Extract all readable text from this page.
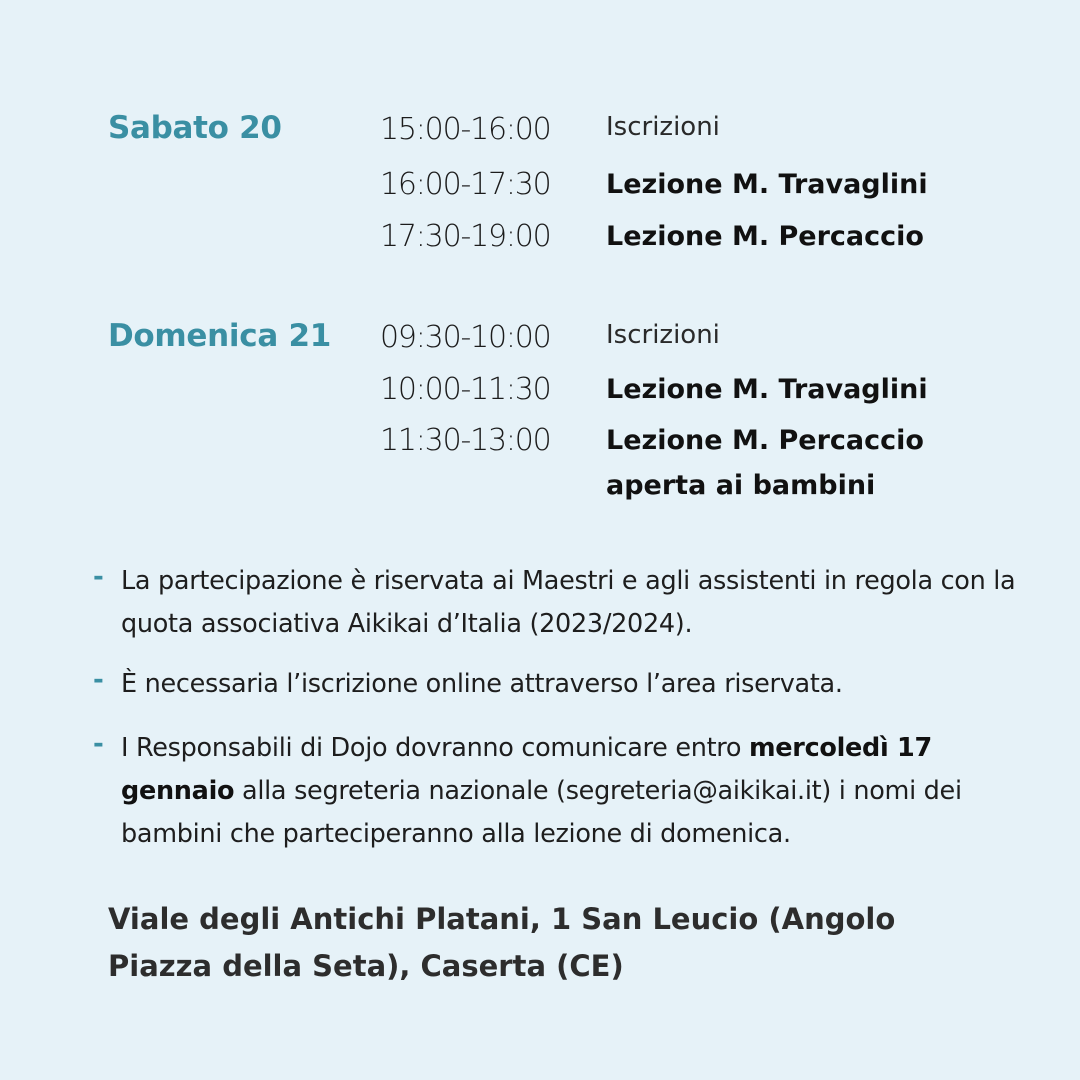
Sabato 20	15:00-16:00 Iscrizioni
16:00-17:30 Lezione M. Travaglini
17:30-19:00 Lezione M. Percaccio
Domenica 21 09:30-10:00 Iscrizioni
10:00-11:30 Lezione M. Travaglini
11:30-13:00 Lezione M. Percaccio
aperta ai bambini
- La partecipazione è riservata ai Maestri e agli assistenti in regola con la quota associativa Aikikai d’Italia (2023/2024).
- È necessaria l’iscrizione online attraverso l’area riservata.
- I Responsabili di Dojo dovranno comunicare entro mercoledì 17 gennaio alla segreteria nazionale (segreteria@aikikai.it) i nomi dei bambini che parteciperanno alla lezione di domenica.
Viale degli Antichi Platani, 1 San Leucio (Angolo Piazza della Seta), Caserta (CE)
